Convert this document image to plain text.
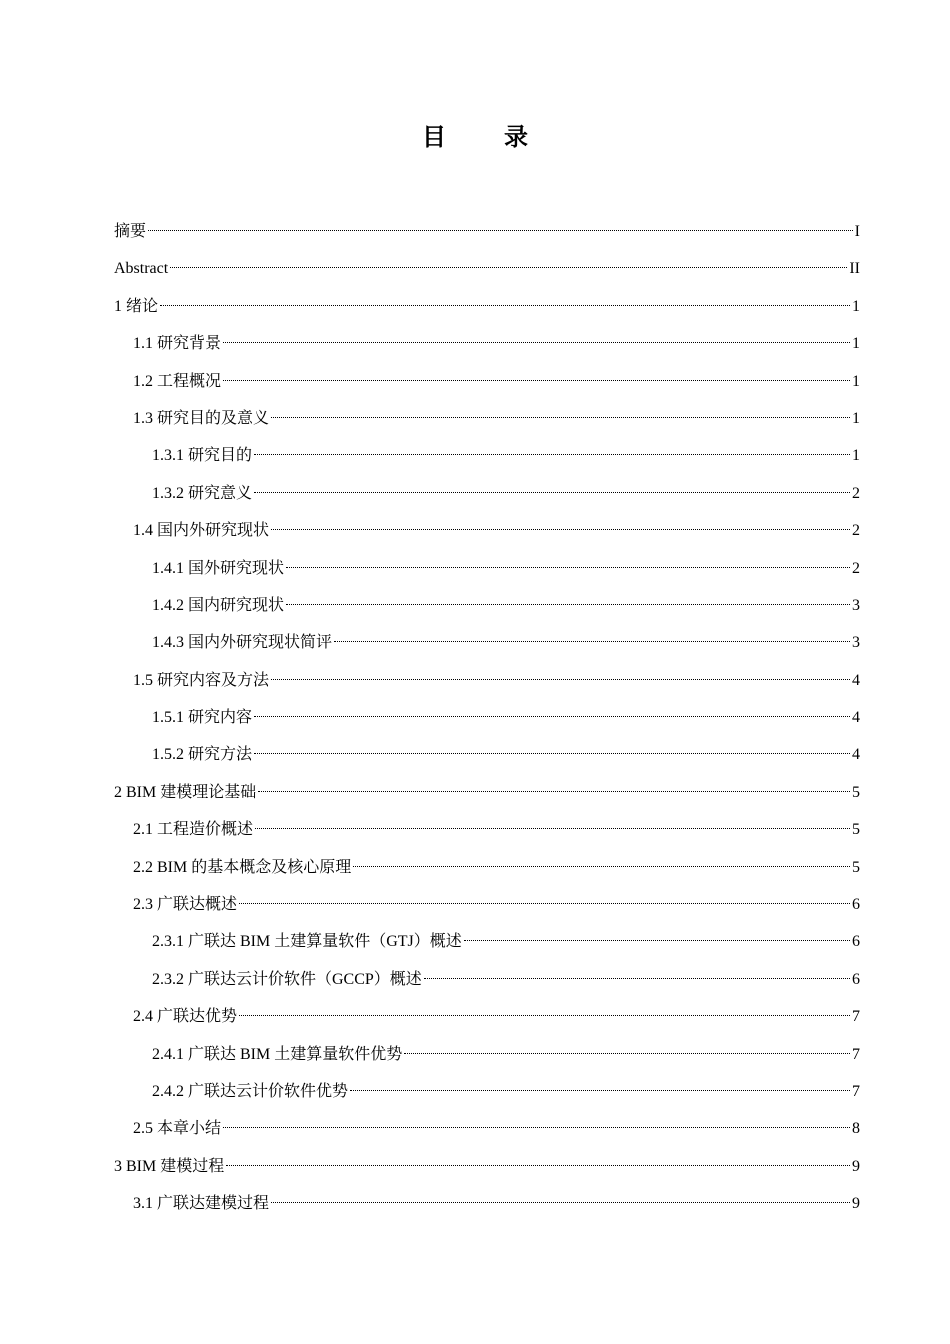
目 录
摘要	I
Abstract	II
1 绪论	1
1.1 研究背景	1
1.2 工程概况	1
1.3 研究目的及意义	1
1.3.1 研究目的	1
1.3.2 研究意义	2
1.4 国内外研究现状	2
1.4.1 国外研究现状	2
1.4.2 国内研究现状	3
1.4.3 国内外研究现状简评	3
1.5 研究内容及方法	4
1.5.1 研究内容	4
1.5.2 研究方法	4
2 BIM 建模理论基础	5
2.1 工程造价概述	5
2.2 BIM 的基本概念及核心原理	5
2.3 广联达概述	6
2.3.1 广联达 BIM 土建算量软件（GTJ）概述	6
2.3.2 广联达云计价软件（GCCP）概述	6
2.4 广联达优势	7
2.4.1 广联达 BIM 土建算量软件优势	7
2.4.2 广联达云计价软件优势	7
2.5 本章小结	8
3 BIM 建模过程	9
3.1 广联达建模过程	9
